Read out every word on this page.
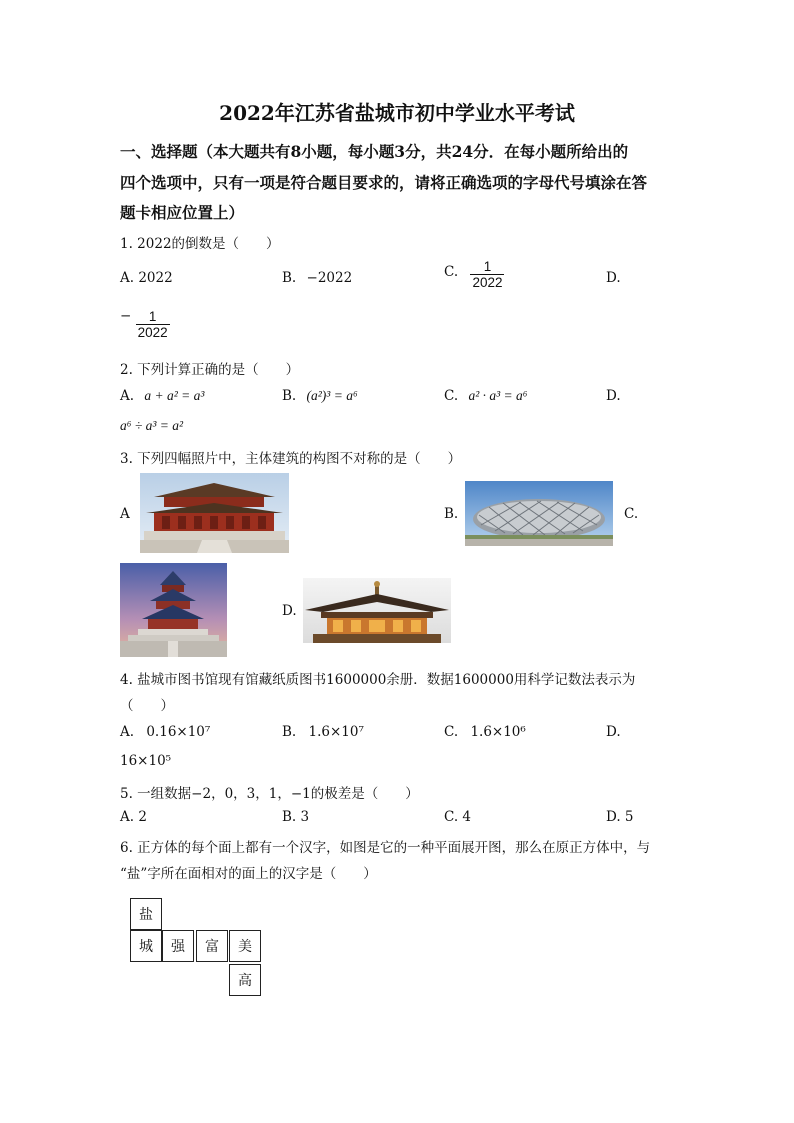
2022年江苏省盐城市初中学业水平考试
一、选择题（本大题共有8小题，每小题3分，共24分．在每小题所给出的
四个选项中，只有一项是符合题目要求的，请将正确选项的字母代号填涂在答
题卡相应位置上）
1. 2022的倒数是（　　）
A. 2022	B. −2022	C. $\frac{1}{2022}$	D.
− $\frac{1}{2022}$
2. 下列计算正确的是（　　）
A. a + a² = a³	B. (a²)³ = a⁶	C. a² · a³ = a⁶	D.
a⁶ ÷ a³ = a²
3. 下列四幅照片中，主体建筑的构图不对称的是（　　）
A	B.	C.
D.
4. 盐城市图书馆现有馆藏纸质图书1600000余册．数据1600000用科学记数法表示为
（　　）
A. 0.16×10⁷	B. 1.6×10⁷	C. 1.6×10⁶	D.
16×10⁵
5. 一组数据−2，0，3，1，−1的极差是（　　）
A. 2	B. 3	C. 4	D. 5
6. 正方体的每个面上都有一个汉字，如图是它的一种平面展开图，那么在原正方体中，与
“盐”字所在面相对的面上的汉字是（　　）
盐
城	强	富	美
高
